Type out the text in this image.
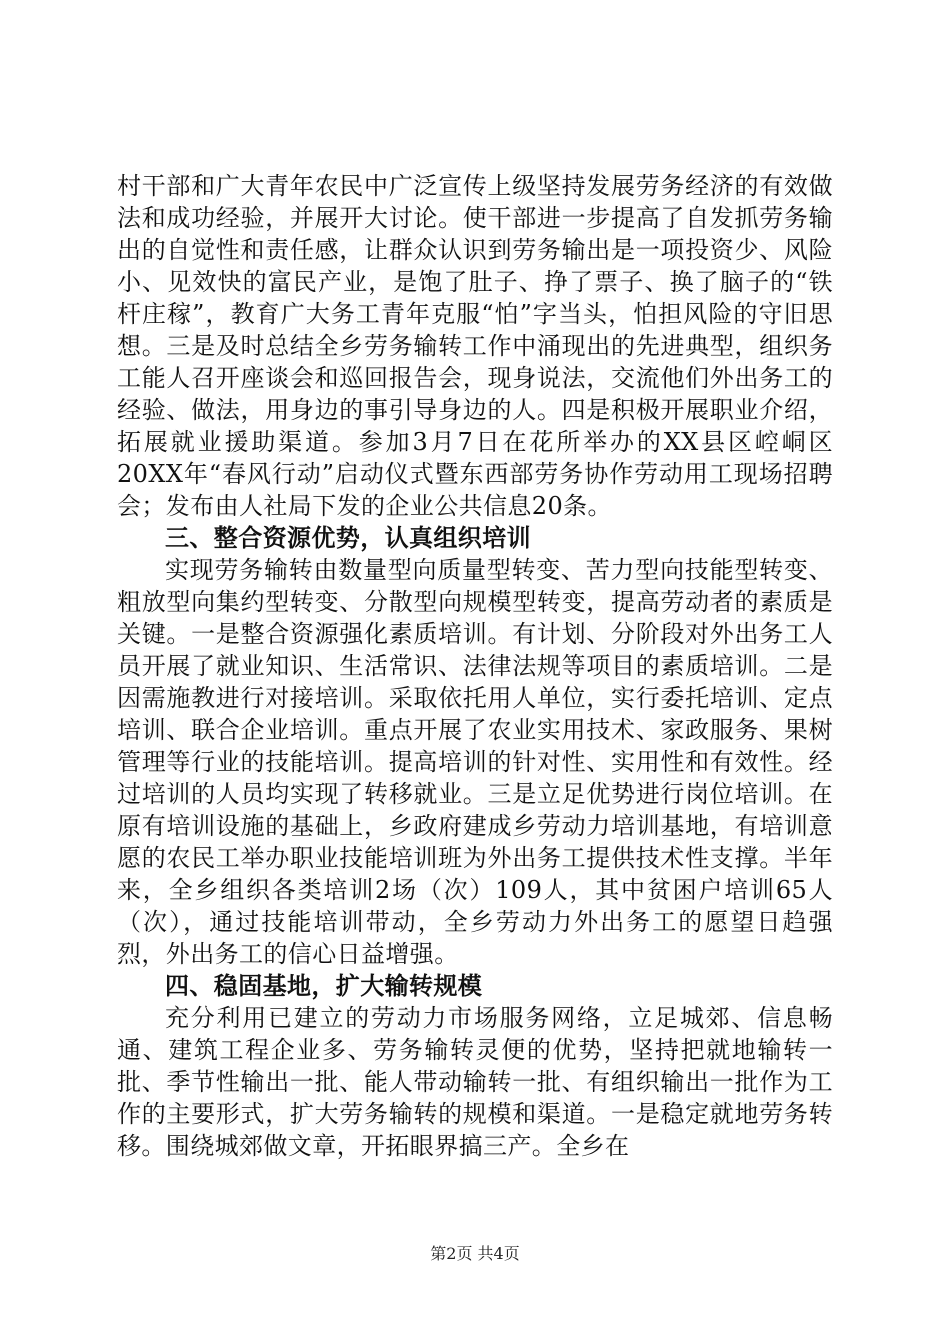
村干部和广大青年农民中广泛宣传上级坚持发展劳务经济的有效做法和成功经验，并展开大讨论。使干部进一步提高了自发抓劳务输出的自觉性和责任感，让群众认识到劳务输出是一项投资少、风险小、见效快的富民产业，是饱了肚子、挣了票子、换了脑子的“铁杆庄稼”，教育广大务工青年克服“怕”字当头，怕担风险的守旧思想。三是及时总结全乡劳务输转工作中涌现出的先进典型，组织务工能人召开座谈会和巡回报告会，现身说法，交流他们外出务工的经验、做法，用身边的事引导身边的人。四是积极开展职业介绍，拓展就业援助渠道。参加3月7日在花所举办的XX县区崆峒区20XX年“春风行动”启动仪式暨东西部劳务协作劳动用工现场招聘会；发布由人社局下发的企业公共信息20条。

三、整合资源优势，认真组织培训

实现劳务输转由数量型向质量型转变、苦力型向技能型转变、粗放型向集约型转变、分散型向规模型转变，提高劳动者的素质是关键。一是整合资源强化素质培训。有计划、分阶段对外出务工人员开展了就业知识、生活常识、法律法规等项目的素质培训。二是因需施教进行对接培训。采取依托用人单位，实行委托培训、定点培训、联合企业培训。重点开展了农业实用技术、家政服务、果树管理等行业的技能培训。提高培训的针对性、实用性和有效性。经过培训的人员均实现了转移就业。三是立足优势进行岗位培训。在原有培训设施的基础上，乡政府建成乡劳动力培训基地，有培训意愿的农民工举办职业技能培训班为外出务工提供技术性支撑。半年来，全乡组织各类培训2场（次）109人，其中贫困户培训65人（次），通过技能培训带动，全乡劳动力外出务工的愿望日趋强烈，外出务工的信心日益增强。

四、稳固基地，扩大输转规模

充分利用已建立的劳动力市场服务网络，立足城郊、信息畅通、建筑工程企业多、劳务输转灵便的优势，坚持把就地输转一批、季节性输出一批、能人带动输转一批、有组织输出一批作为工作的主要形式，扩大劳务输转的规模和渠道。一是稳定就地劳务转移。围绕城郊做文章，开拓眼界搞三产。全乡在

第2页 共4页
